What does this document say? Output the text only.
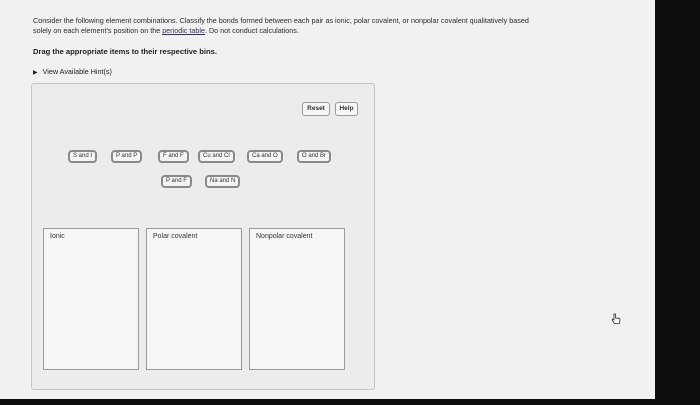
Consider the following element combinations. Classify the bonds formed between each pair as ionic, polar covalent, or nonpolar covalent qualitatively based
solely on each element's position on the periodic table. Do not conduct calculations.
Drag the appropriate items to their respective bins.
▶ View Available Hint(s)
Reset	Help
S and I	P and P	F and F	Cu and Cl	Ca and O	O and Br
P and F	Na and N
Ionic	Polar covalent	Nonpolar covalent
